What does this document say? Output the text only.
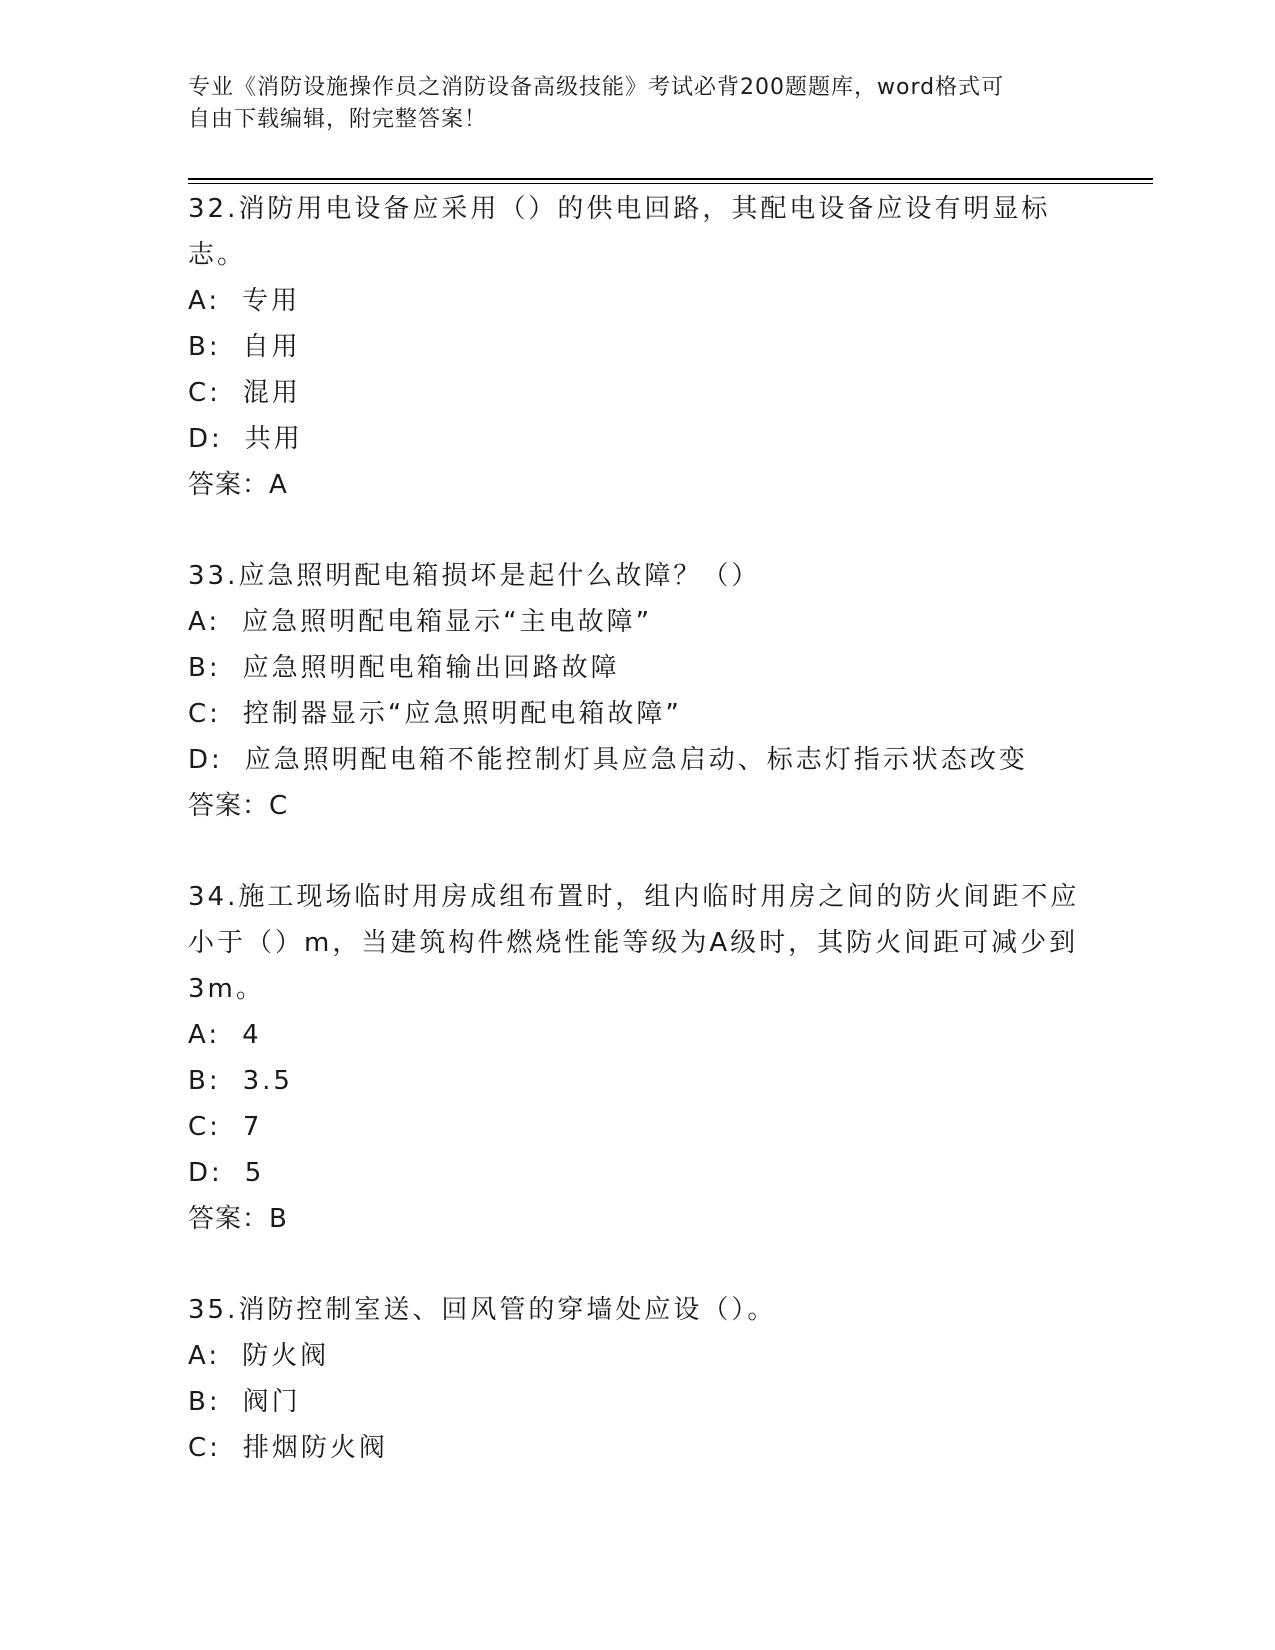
专业《消防设施操作员之消防设备高级技能》考试必背200题题库，word格式可
自由下载编辑，附完整答案！
32.消防用电设备应采用（）的供电回路，其配电设备应设有明显标志。
A: 专用
B: 自用
C: 混用
D: 共用
答案：A
33.应急照明配电箱损坏是起什么故障？（）
A: 应急照明配电箱显示“主电故障”
B: 应急照明配电箱输出回路故障
C: 控制器显示“应急照明配电箱故障”
D: 应急照明配电箱不能控制灯具应急启动、标志灯指示状态改变
答案：C
34.施工现场临时用房成组布置时，组内临时用房之间的防火间距不应小于（）m，当建筑构件燃烧性能等级为A级时，其防火间距可减少到3m。
A: 4
B: 3.5
C: 7
D: 5
答案：B
35.消防控制室送、回风管的穿墙处应设（）。
A: 防火阀
B: 阀门
C: 排烟防火阀
